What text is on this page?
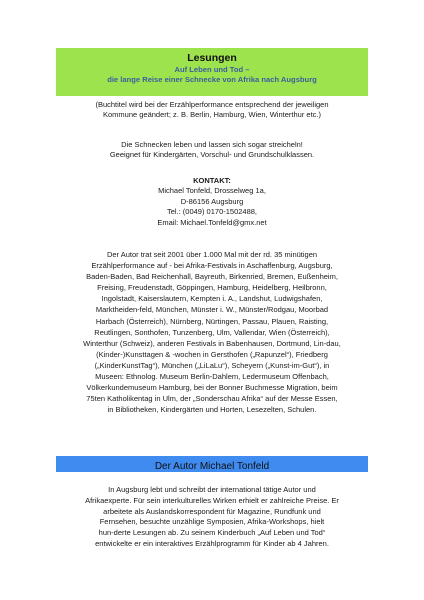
Lesungen
Auf Leben und Tod –
die lange Reise einer Schnecke von Afrika nach Augsburg

(Buchtitel wird bei der Erzählperformance entsprechend der jeweiligen

Kommune geändert; z. B. Berlin, Hamburg, Wien, Winterthur etc.)

Die Schnecken leben und lassen sich sogar streicheln!

Geeignet für Kindergärten, Vorschul- und Grundschulklassen.

KONTAKT:

Michael Tonfeld, Drosselweg 1a,

D-86156 Augsburg

Tel.: (0049) 0170-1502488,

Email: Michael.Tonfeld@gmx.net

Der Autor trat seit 2001 über 1.000 Mal mit der rd. 35 minütigen

Erzählperformance auf - bei Afrika-Festivals in Aschaffenburg, Augsburg,

Baden-Baden, Bad Reichenhall, Bayreuth, Birkenried, Bremen, Eußenheim,

Freising, Freudenstadt, Göppingen, Hamburg, Heidelberg, Heilbronn,

Ingolstadt, Kaiserslautern, Kempten i. A., Landshut, Ludwigshafen,

Marktheiden-feld, München, Münster i. W., Münster/Rodgau, Moorbad

Harbach (Österreich), Nürnberg, Nürtingen, Passau, Plauen, Raisting,

Reutlingen, Sonthofen, Tunzenberg, Ulm, Vallendar, Wien (Österreich),

Winterthur (Schweiz), anderen Festivals in Babenhausen, Dortmund, Lin-dau,

(Kinder-)Kunsttagen & -wochen in Gersthofen („Rapunzel“), Friedberg

(„KinderKunstTag“), München („LiLaLu“), Scheyern („Kunst-im-Gut“), in

Museen: Ethnolog. Museum Berlin-Dahlem, Ledermuseum Offenbach,

Völkerkundemuseum Hamburg, bei der Bonner Buchmesse Migration, beim

75ten Katholikentag in Ulm, der „Sonderschau Afrika“ auf der Messe Essen,

in Bibliotheken, Kindergärten und Horten, Lesezelten, Schulen.

Der Autor Michael Tonfeld

In Augsburg lebt und schreibt der international tätige Autor und

Afrikaexperte. Für sein interkulturelles Wirken erhielt er zahlreiche Preise. Er

arbeitete als Auslandskorrespondent für Magazine, Rundfunk und

Fernsehen, besuchte unzählige Symposien, Afrika-Workshops, hielt

hun-derte Lesungen ab. Zu seinem Kinderbuch „Auf Leben und Tod“

entwickelte er ein interaktives Erzählprogramm für Kinder ab 4 Jahren.
